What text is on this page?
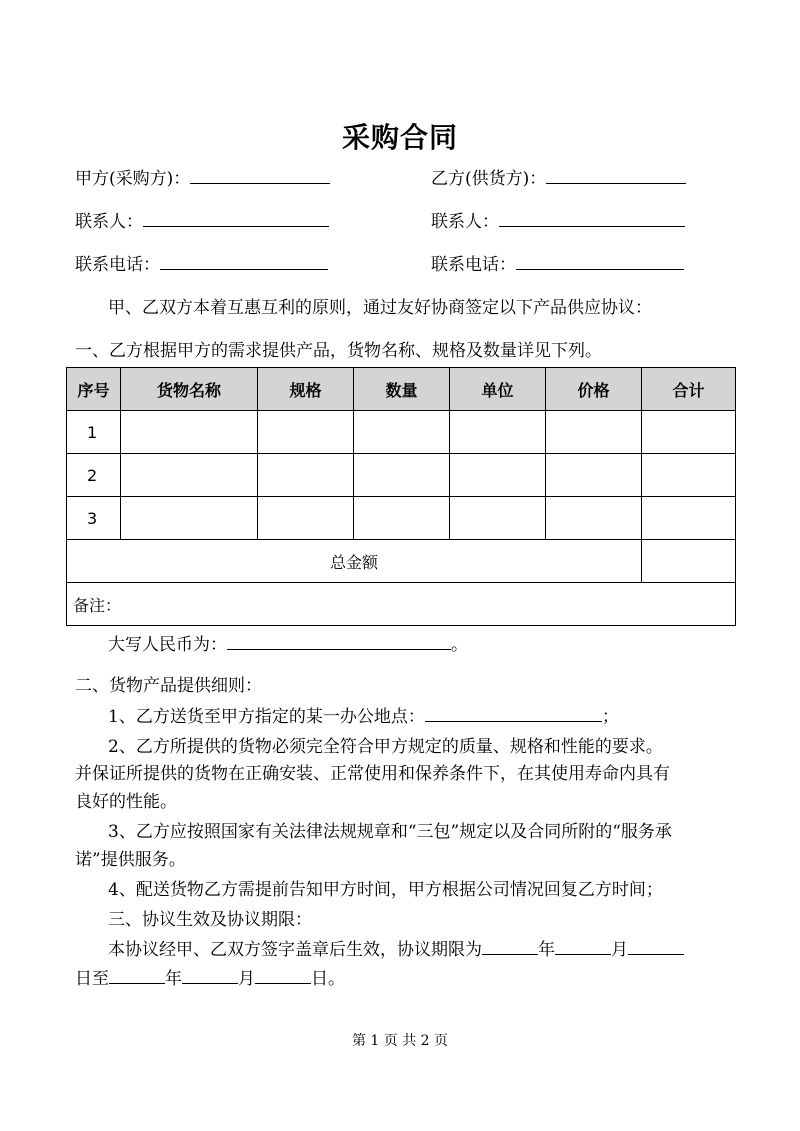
采购合同
甲方(采购方)：	乙方(供货方)：
联系人：	联系人：
联系电话：	联系电话：
甲、乙双方本着互惠互利的原则，通过友好协商签定以下产品供应协议：
一、乙方根据甲方的需求提供产品，货物名称、规格及数量详见下列。
序号	货物名称	规格	数量	单位	价格	合计
1						
2						
3						
总金额						
备注：						
大写人民币为：	。
二、货物产品提供细则：
1、乙方送货至甲方指定的某一办公地点：	；
2、乙方所提供的货物必须完全符合甲方规定的质量、规格和性能的要求。
并保证所提供的货物在正确安装、正常使用和保养条件下，在其使用寿命内具有
良好的性能。
3、乙方应按照国家有关法律法规规章和“三包”规定以及合同所附的“服务承
诺”提供服务。
4、配送货物乙方需提前告知甲方时间，甲方根据公司情况回复乙方时间；
三、协议生效及协议期限：
本协议经甲、乙双方签字盖章后生效，协议期限为	年	月
日至	年	月	日。
第 1 页 共 2 页
